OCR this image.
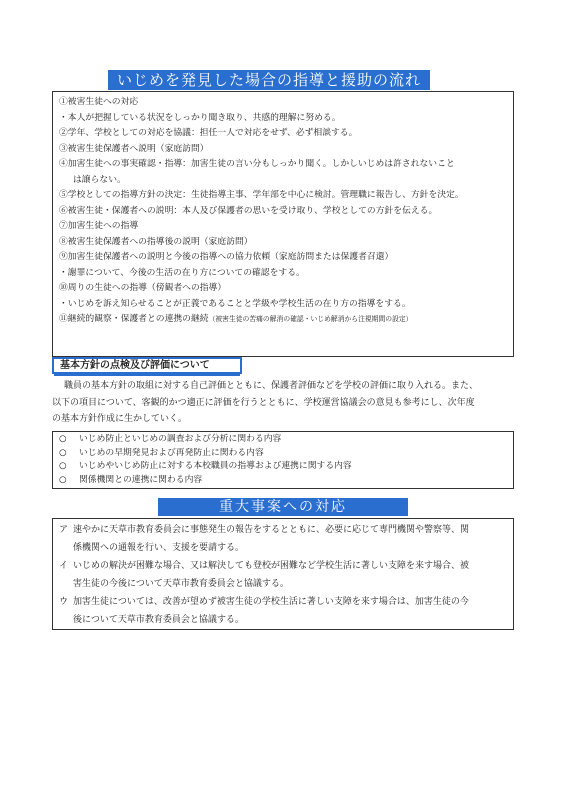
いじめを発見した場合の指導と援助の流れ
①被害生徒への対応
・本人が把握している状況をしっかり聞き取り、共感的理解に努める。
②学年、学校としての対応を協議：担任一人で対応をせず、必ず相談する。
③被害生徒保護者へ説明（家庭訪問）
④加害生徒への事実確認・指導：加害生徒の言い分もしっかり聞く。しかしいじめは許されないこと
は譲らない。
⑤学校としての指導方針の決定：生徒指導主事、学年部を中心に検討。管理職に報告し、方針を決定。
⑥被害生徒・保護者への説明：本人及び保護者の思いを受け取り、学校としての方針を伝える。
⑦加害生徒への指導
⑧被害生徒保護者への指導後の説明（家庭訪問）
⑨加害生徒保護者への説明と今後の指導への協力依頼（家庭訪問または保護者召還）
・謝罪について、今後の生活の在り方についての確認をする。
⑩周りの生徒への指導（傍観者への指導）
・いじめを訴え知らせることが正義であることと学級や学校生活の在り方の指導をする。
⑪継続的観察・保護者との連携の継続（被害生徒の苦痛の解消の確認・いじめ解消から注視期間の設定）
基本方針の点検及び評価について

職員の基本方針の取組に対する自己評価とともに、保護者評価などを学校の評価に取り入れる。また、

以下の項目について、客観的かつ適正に評価を行うとともに、学校運営協議会の意見も参考にし、次年度

の基本方針作成に生かしていく。

○ いじめ防止といじめの調査および分析に関わる内容
○ いじめの早期発見および再発防止に関わる内容
○ いじめやいじめ防止に対する本校職員の指導および連携に関する内容
○ 関係機関との連携に関わる内容
重大事案への対応
ア 速やかに天草市教育委員会に事態発生の報告をするとともに、必要に応じて専門機関や警察等、関
係機関への通報を行い、支援を要請する。
イ いじめの解決が困難な場合、又は解決しても登校が困難など学校生活に著しい支障を来す場合、被
害生徒の今後について天草市教育委員会と協議する。
ウ 加害生徒については、改善が望めず被害生徒の学校生活に著しい支障を来す場合は、加害生徒の今
後について天草市教育委員会と協議する。
